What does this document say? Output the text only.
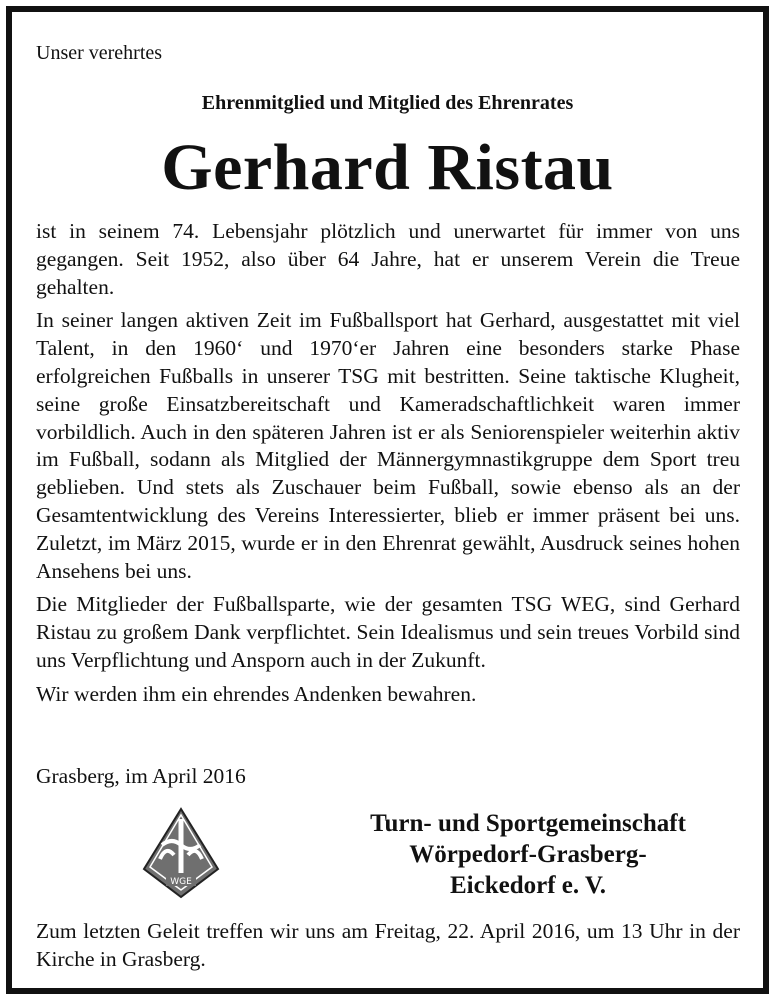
Unser verehrtes
Ehrenmitglied und Mitglied des Ehrenrates
Gerhard Ristau

ist in seinem 74. Lebensjahr plötzlich und unerwartet für immer von uns gegangen. Seit 1952, also über 64 Jahre, hat er unserem Verein die Treue gehalten.

In seiner langen aktiven Zeit im Fußballsport hat Gerhard, ausgestattet mit viel Talent, in den 1960‘ und 1970‘er Jahren eine besonders starke Phase erfolgreichen Fußballs in unserer TSG mit bestritten. Seine taktische Klugheit, seine große Einsatzbereitschaft und Kameradschaftlichkeit waren immer vorbildlich. Auch in den späteren Jahren ist er als Seniorenspieler weiterhin aktiv im Fußball, sodann als Mitglied der Männergymnastikgruppe dem Sport treu geblieben. Und stets als Zuschauer beim Fußball, sowie ebenso als an der Gesamtentwicklung des Vereins Interessierter, blieb er immer präsent bei uns. Zuletzt, im März 2015, wurde er in den Ehrenrat gewählt, Ausdruck seines hohen Ansehens bei uns.

Die Mitglieder der Fußballsparte, wie der gesamten TSG WEG, sind Gerhard Ristau zu großem Dank verpflichtet. Sein Idealismus und sein treues Vorbild sind uns Verpflichtung und Ansporn auch in der Zukunft.

Wir werden ihm ein ehrendes Andenken bewahren.

Grasberg, im April 2016
WGE
Turn- und Sportgemeinschaft
Wörpedorf-Grasberg-
Eickedorf e. V.
Zum letzten Geleit treffen wir uns am Freitag, 22. April 2016, um 13 Uhr in der Kirche in Grasberg.
